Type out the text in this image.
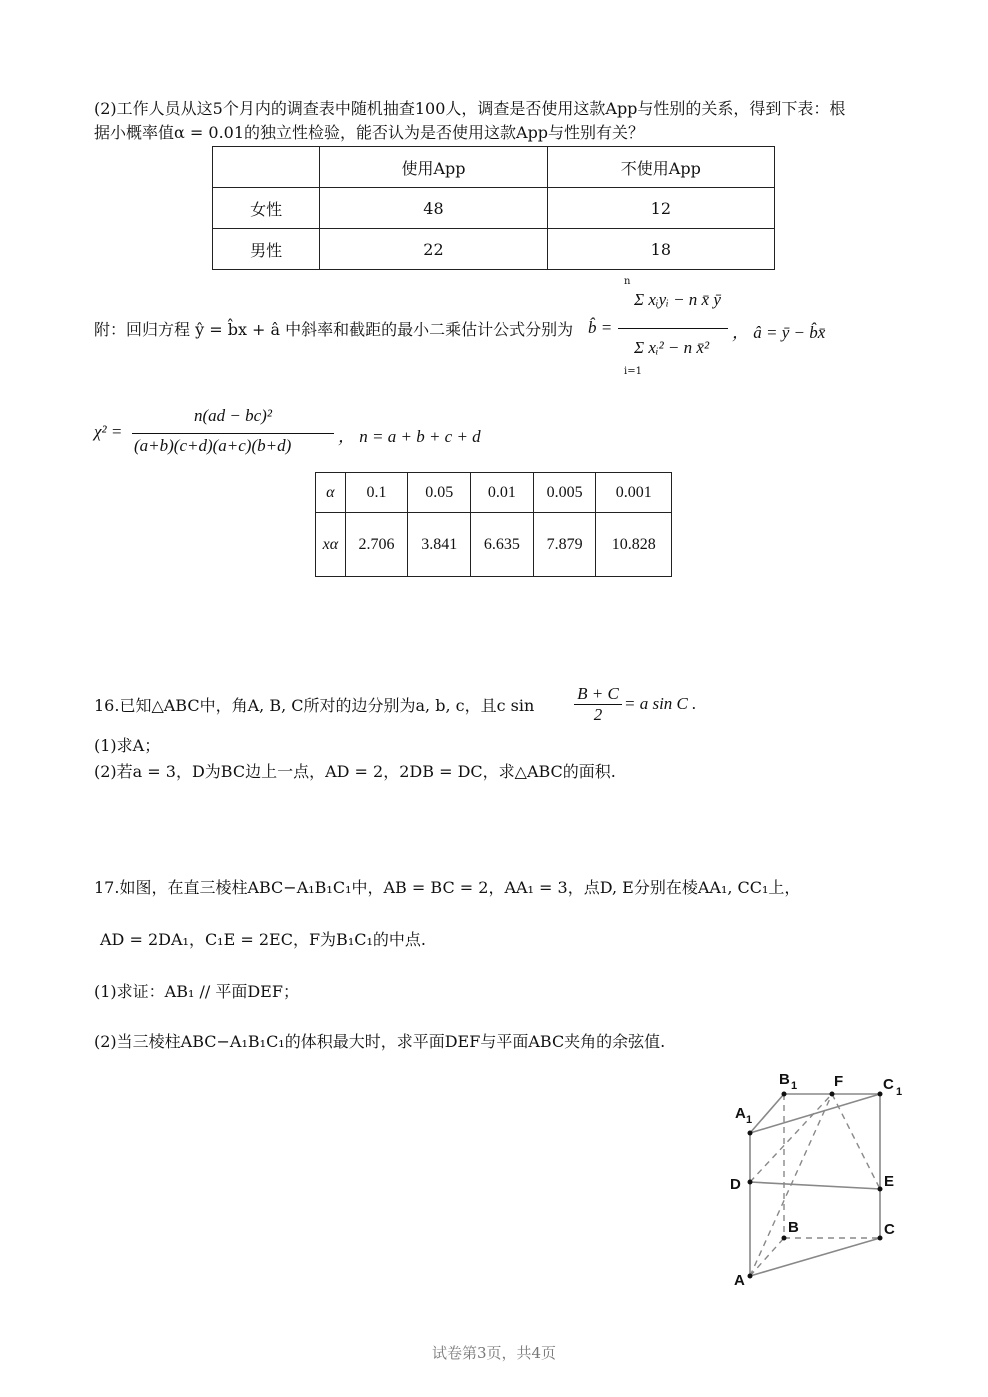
(2)工作人员从这5个月内的调查表中随机抽查100人，调查是否使用这款App与性别的关系，得到下表：根
据小概率值α = 0.01的独立性检验，能否认为是否使用这款App与性别有关？
	使用App	不使用App
女性	48	12
男性	22	18
附：回归方程 ŷ = b̂x + â 中斜率和截距的最小二乘估计公式分别为 b̂ =
n
Σ xᵢyᵢ − n x̄ ȳ
Σ xᵢ² − n x̄²
i=1
， â = ȳ − b̂x̄
χ² =
n(ad − bc)²
(a+b)(c+d)(a+c)(b+d)	， n = a + b + c + d
α	0.1	0.05	0.01	0.005	0.001
xα	2.706	3.841	6.635	7.879	10.828
16.已知△ABC中，角A, B, C所对的边分别为a, b, c，且c $\sin \frac{B + C}{2} = a$ sin C .
(1)求A；
(2)若a = 3，D为BC边上一点，AD = 2，2DB = DC，求△ABC的面积.
17.如图，在直三棱柱ABC−A₁B₁C₁中，AB = BC = 2，AA₁ = 3，点D, E分别在棱AA₁, CC₁上，
AD = 2DA₁，C₁E = 2EC，F为B₁C₁的中点.
(1)求证：AB₁ // 平面DEF；
(2)当三棱柱ABC−A₁B₁C₁的体积最大时，求平面DEF与平面ABC夹角的余弦值.
B 1 F	C 1
A 1
D	E
B	C
A
试卷第3页，共4页
